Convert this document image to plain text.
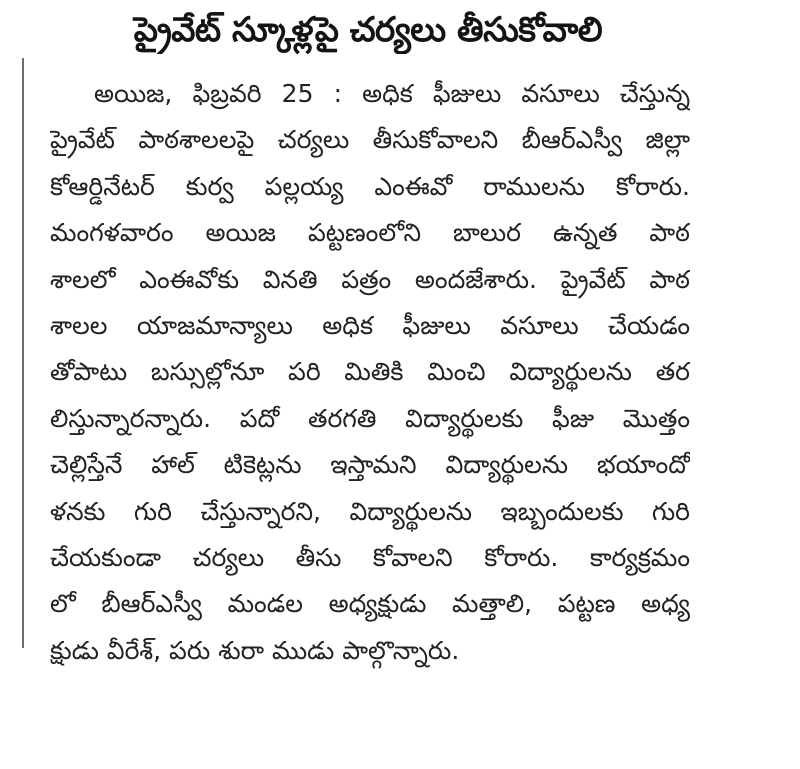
ప్రైవేట్ స్కూళ్లపై చర్యలు తీసుకోవాలి
అయిజ, ఫిబ్రవరి 25 : అధిక ఫీజులు వసూలు చేస్తున్న
ప్రైవేట్ పాఠశాలలపై చర్యలు తీసుకోవాలని బీఆర్ఎస్వీ జిల్లా
కోఆర్డినేటర్ కుర్వ పల్లయ్య ఎంఈవో రాములను కోరారు.
మంగళవారం అయిజ పట్టణంలోని బాలుర ఉన్నత పాఠ
శాలలో ఎంఈవోకు వినతి పత్రం అందజేశారు. ప్రైవేట్ పాఠ
శాలల యాజమాన్యాలు అధిక ఫీజులు వసూలు చేయడం
తోపాటు బస్సుల్లోనూ పరి మితికి మించి విద్యార్థులను తర
లిస్తున్నారన్నారు. పదో తరగతి విద్యార్థులకు ఫీజు మొత్తం
చెల్లిస్తేనే హాల్ టికెట్లను ఇస్తామని విద్యార్థులను భయాందో
ళనకు గురి చేస్తున్నారని, విద్యార్థులను ఇబ్బందులకు గురి
చేయకుండా చర్యలు తీసు కోవాలని కోరారు. కార్యక్రమం
లో బీఆర్ఎస్వీ మండల అధ్యక్షుడు మత్తాలి, పట్టణ అధ్య
క్షుడు వీరేశ్, పరు శురా ముడు పాల్గొన్నారు.
